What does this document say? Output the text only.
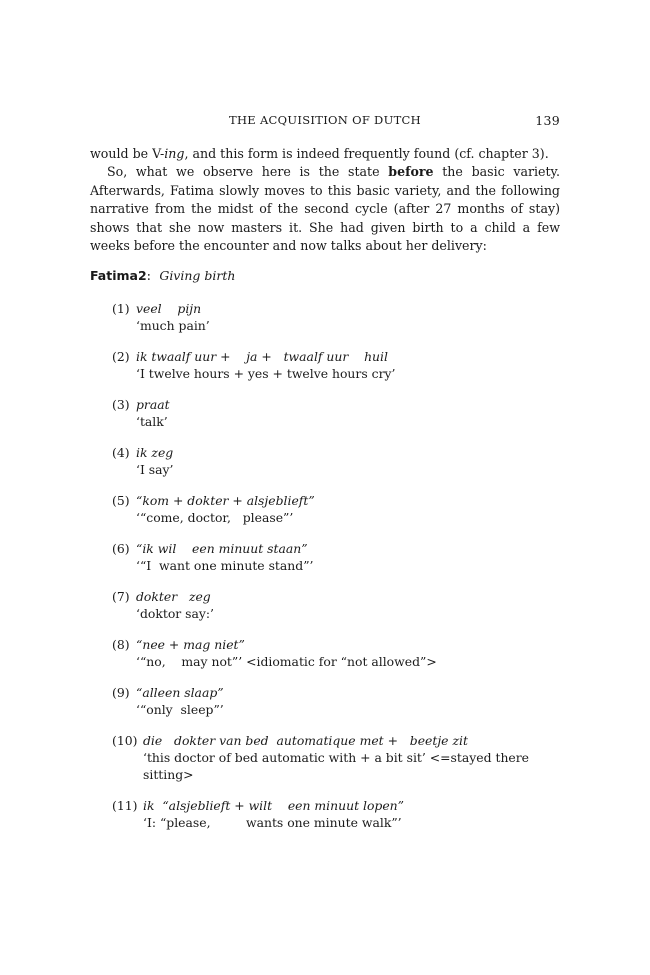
THE ACQUISITION OF DUTCH	139

would be V-ing, and this form is indeed frequently found (cf. chapter 3).

So, what we observe here is the state before the basic variety. Afterwards, Fatima slowly moves to this basic variety, and the following narrative from the midst of the second cycle (after 27 months of stay) shows that she now masters it. She had given birth to a child a few weeks before the encounter and now talks about her delivery:

Fatima2: Giving birth
(1) veel    pijn
‘much pain’
(2) ik twaalf uur +    ja +   twaalf uur    huil
‘I twelve hours + yes + twelve hours cry’
(3) praat
‘talk’
(4) ik zeg
‘I say’
(5) “kom + dokter + alsjeblieft”
‘“come, doctor,   please”’
(6) “ik wil    een minuut staan”
‘“I  want one minute stand”’
(7) dokter   zeg
‘doktor say:’
(8) “nee + mag niet”
‘“no,    may not”’ <idiomatic for “not allowed”>
(9) “alleen slaap”
‘“only  sleep”’
(10) die   dokter van bed  automatique met +   beetje zit
‘this doctor of bed automatic with + a bit sit’ <=stayed there sitting>
(11) ik  “alsjeblieft + wilt    een minuut lopen”
‘I: “please,         wants one minute walk”’
